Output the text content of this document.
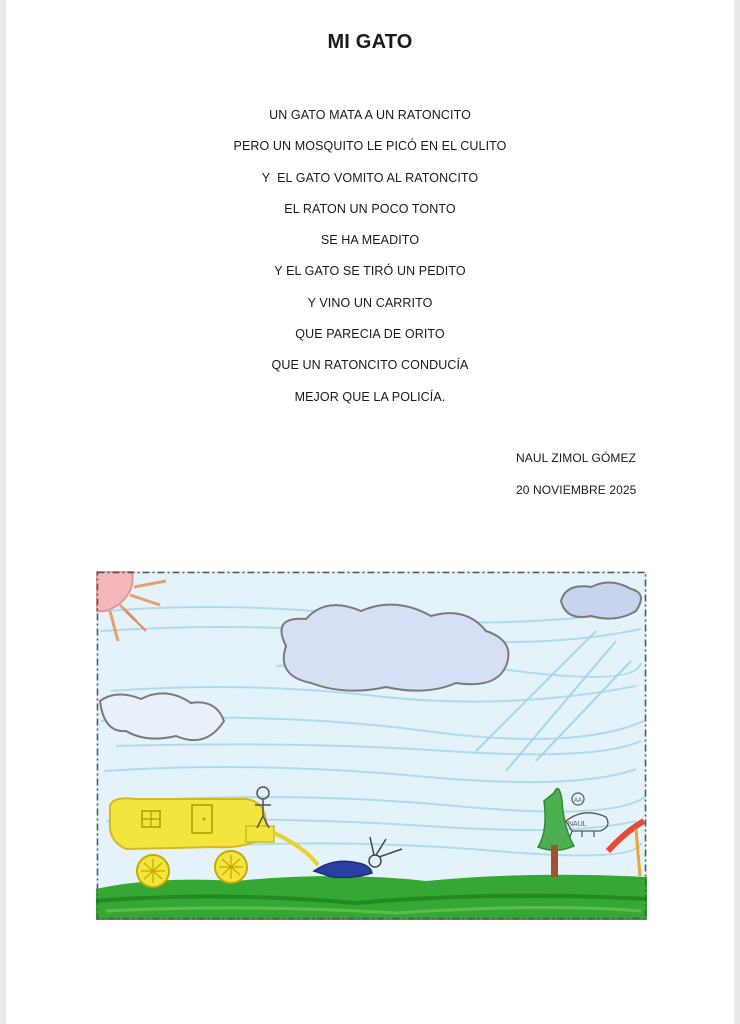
MI GATO
UN GATO MATA A UN RATONCITO
PERO UN MOSQUITO LE PICÓ EN EL CULITO
Y  EL GATO VOMITO AL RATONCITO
EL RATON UN POCO TONTO
SE HA MEADITO
Y EL GATO SE TIRÓ UN PEDITO
Y VINO UN CARRITO
QUE PARECIA DE ORITO
QUE UN RATONCITO CONDUCÍA
MEJOR QUE LA POLICÍA.
NAUL ZIMOL GÓMEZ
20 NOVIEMBRE 2025
AA
NAUL
